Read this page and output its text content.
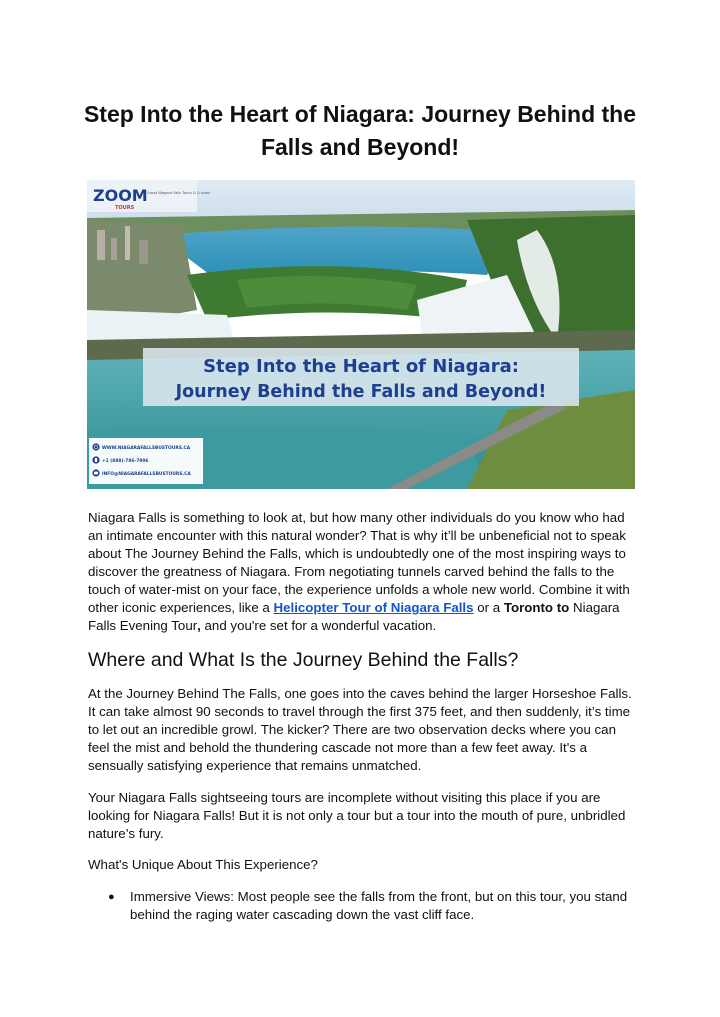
Step Into the Heart of Niagara: Journey Behind the Falls and Beyond!
Step Into the Heart of Niagara:
Journey Behind the Falls and Beyond!
ZOOM
TOURS
Great Niagara Falls Tours & Cruises
WWW.NIAGARAFALLSBUSTOURS.CA
+1 (888)-786-7906
INFO@NIAGARAFALLSBUSTOURS.CA

Niagara Falls is something to look at, but how many other individuals do you know who had an intimate encounter with this natural wonder? That is why it’ll be unbeneficial not to speak about The Journey Behind the Falls, which is undoubtedly one of the most inspiring ways to discover the greatness of Niagara. From negotiating tunnels carved behind the falls to the touch of water-mist on your face, the experience unfolds a whole new world. Combine it with other iconic experiences, like a Helicopter Tour of Niagara Falls or a Toronto to Niagara Falls Evening Tour, and you're set for a wonderful vacation.

Where and What Is the Journey Behind the Falls?

At the Journey Behind The Falls, one goes into the caves behind the larger Horseshoe Falls. It can take almost 90 seconds to travel through the first 375 feet, and then suddenly, it’s time to let out an incredible growl. The kicker? There are two observation decks where you can feel the mist and behold the thundering cascade not more than a few feet away. It's a sensually satisfying experience that remains unmatched.

Your Niagara Falls sightseeing tours are incomplete without visiting this place if you are looking for Niagara Falls! But it is not only a tour but a tour into the mouth of pure, unbridled nature’s fury.

What's Unique About This Experience?

● Immersive Views: Most people see the falls from the front, but on this tour, you stand behind the raging water cascading down the vast cliff face.
